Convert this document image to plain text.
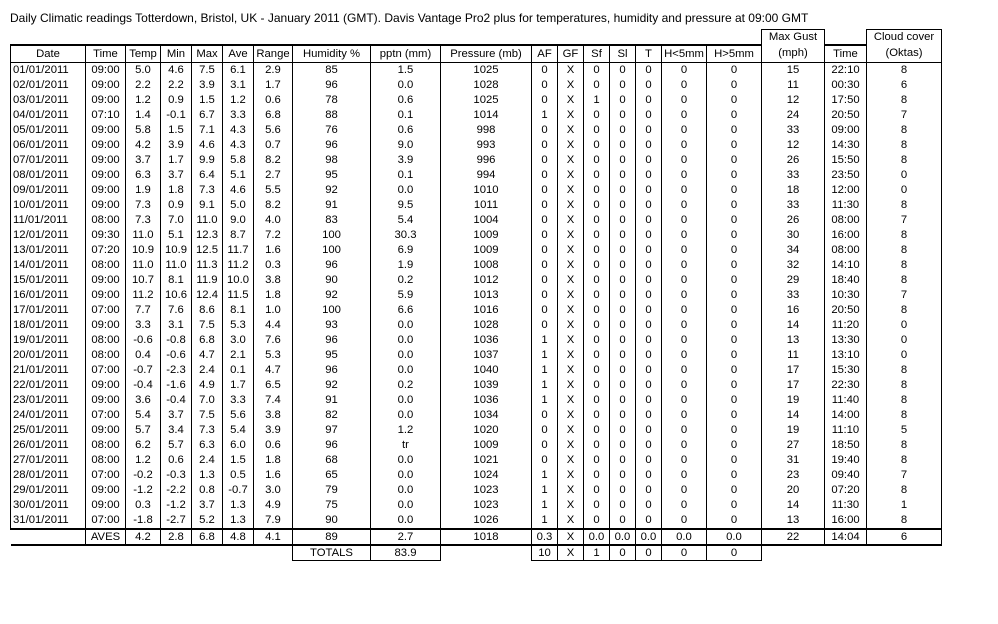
Daily Climatic readings Totterdown, Bristol, UK - January 2011 (GMT). Davis Vantage Pro2 plus for temperatures, humidity and pressure at 09:00 GMT
																	Max Gust		Cloud cover
Date	Time	Temp	Min	Max	Ave	Range	Humidity %	pptn (mm)	Pressure (mb)	AF	GF	Sf	Sl	T	H<5mm	H>5mm	(mph)	Time	(Oktas)
01/01/2011	09:00	5.0	4.6	7.5	6.1	2.9	85	1.5	1025	0	X	0	0	0	0	0	15	22:10	8
02/01/2011	09:00	2.2	2.2	3.9	3.1	1.7	96	0.0	1028	0	X	0	0	0	0	0	11	00:30	6
03/01/2011	09:00	1.2	0.9	1.5	1.2	0.6	78	0.6	1025	0	X	1	0	0	0	0	12	17:50	8
04/01/2011	07:10	1.4	-0.1	6.7	3.3	6.8	88	0.1	1014	1	X	0	0	0	0	0	24	20:50	7
05/01/2011	09:00	5.8	1.5	7.1	4.3	5.6	76	0.6	998	0	X	0	0	0	0	0	33	09:00	8
06/01/2011	09:00	4.2	3.9	4.6	4.3	0.7	96	9.0	993	0	X	0	0	0	0	0	12	14:30	8
07/01/2011	09:00	3.7	1.7	9.9	5.8	8.2	98	3.9	996	0	X	0	0	0	0	0	26	15:50	8
08/01/2011	09:00	6.3	3.7	6.4	5.1	2.7	95	0.1	994	0	X	0	0	0	0	0	33	23:50	0
09/01/2011	09:00	1.9	1.8	7.3	4.6	5.5	92	0.0	1010	0	X	0	0	0	0	0	18	12:00	0
10/01/2011	09:00	7.3	0.9	9.1	5.0	8.2	91	9.5	1011	0	X	0	0	0	0	0	33	11:30	8
11/01/2011	08:00	7.3	7.0	11.0	9.0	4.0	83	5.4	1004	0	X	0	0	0	0	0	26	08:00	7
12/01/2011	09:30	11.0	5.1	12.3	8.7	7.2	100	30.3	1009	0	X	0	0	0	0	0	30	16:00	8
13/01/2011	07:20	10.9	10.9	12.5	11.7	1.6	100	6.9	1009	0	X	0	0	0	0	0	34	08:00	8
14/01/2011	08:00	11.0	11.0	11.3	11.2	0.3	96	1.9	1008	0	X	0	0	0	0	0	32	14:10	8
15/01/2011	09:00	10.7	8.1	11.9	10.0	3.8	90	0.2	1012	0	X	0	0	0	0	0	29	18:40	8
16/01/2011	09:00	11.2	10.6	12.4	11.5	1.8	92	5.9	1013	0	X	0	0	0	0	0	33	10:30	7
17/01/2011	07:00	7.7	7.6	8.6	8.1	1.0	100	6.6	1016	0	X	0	0	0	0	0	16	20:50	8
18/01/2011	09:00	3.3	3.1	7.5	5.3	4.4	93	0.0	1028	0	X	0	0	0	0	0	14	11:20	0
19/01/2011	08:00	-0.6	-0.8	6.8	3.0	7.6	96	0.0	1036	1	X	0	0	0	0	0	13	13:30	0
20/01/2011	08:00	0.4	-0.6	4.7	2.1	5.3	95	0.0	1037	1	X	0	0	0	0	0	11	13:10	0
21/01/2011	07:00	-0.7	-2.3	2.4	0.1	4.7	96	0.0	1040	1	X	0	0	0	0	0	17	15:30	8
22/01/2011	09:00	-0.4	-1.6	4.9	1.7	6.5	92	0.2	1039	1	X	0	0	0	0	0	17	22:30	8
23/01/2011	09:00	3.6	-0.4	7.0	3.3	7.4	91	0.0	1036	1	X	0	0	0	0	0	19	11:40	8
24/01/2011	07:00	5.4	3.7	7.5	5.6	3.8	82	0.0	1034	0	X	0	0	0	0	0	14	14:00	8
25/01/2011	09:00	5.7	3.4	7.3	5.4	3.9	97	1.2	1020	0	X	0	0	0	0	0	19	11:10	5
26/01/2011	08:00	6.2	5.7	6.3	6.0	0.6	96	tr	1009	0	X	0	0	0	0	0	27	18:50	8
27/01/2011	08:00	1.2	0.6	2.4	1.5	1.8	68	0.0	1021	0	X	0	0	0	0	0	31	19:40	8
28/01/2011	07:00	-0.2	-0.3	1.3	0.5	1.6	65	0.0	1024	1	X	0	0	0	0	0	23	09:40	7
29/01/2011	09:00	-1.2	-2.2	0.8	-0.7	3.0	79	0.0	1023	1	X	0	0	0	0	0	20	07:20	8
30/01/2011	09:00	0.3	-1.2	3.7	1.3	4.9	75	0.0	1023	1	X	0	0	0	0	0	14	11:30	1
31/01/2011	07:00	-1.8	-2.7	5.2	1.3	7.9	90	0.0	1026	1	X	0	0	0	0	0	13	16:00	8
	AVES	4.2	2.8	6.8	4.8	4.1	89	2.7	1018	0.3	X	0.0	0.0	0.0	0.0	0.0	22	14:04	6
							TOTALS	83.9		10	X	1	0	0	0	0			
